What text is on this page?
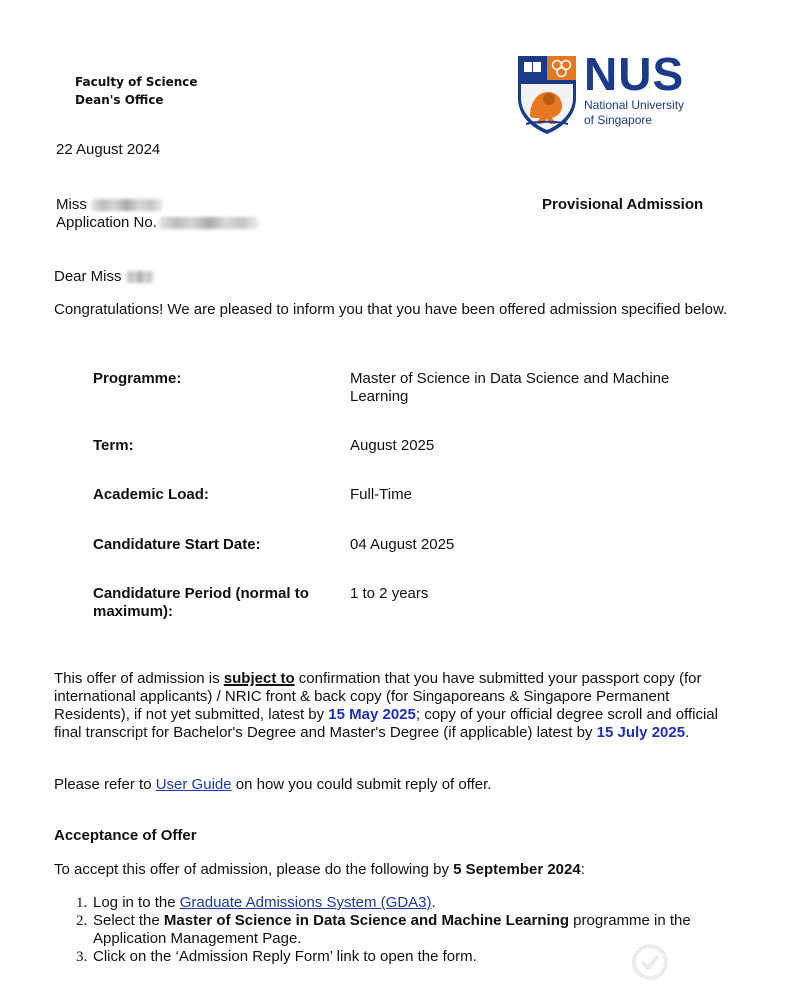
Faculty of Science
Dean's Office	NUS
National University
of Singapore
22 August 2024
Miss
Application No.
Provisional Admission
Dear Miss
Congratulations! We are pleased to inform you that you have been offered admission specified below.
Programme:	Master of Science in Data Science and Machine Learning
Term:	August 2025
Academic Load:	Full-Time
Candidature Start Date:	04 August 2025
Candidature Period (normal to maximum):
1 to 2 years
This offer of admission is subject to confirmation that you have submitted your passport copy (for international applicants) / NRIC front & back copy (for Singaporeans & Singapore Permanent Residents), if not yet submitted, latest by 15 May 2025; copy of your official degree scroll and official final transcript for Bachelor's Degree and Master's Degree (if applicable) latest by 15 July 2025.
Please refer to User Guide on how you could submit reply of offer.
Acceptance of Offer
To accept this offer of admission, please do the following by 5 September 2024:
1. Log in to the Graduate Admissions System (GDA3).
2. Select the Master of Science in Data Science and Machine Learning programme in the Application Management Page.
3. Click on the ‘Admission Reply Form’ link to open the form.
